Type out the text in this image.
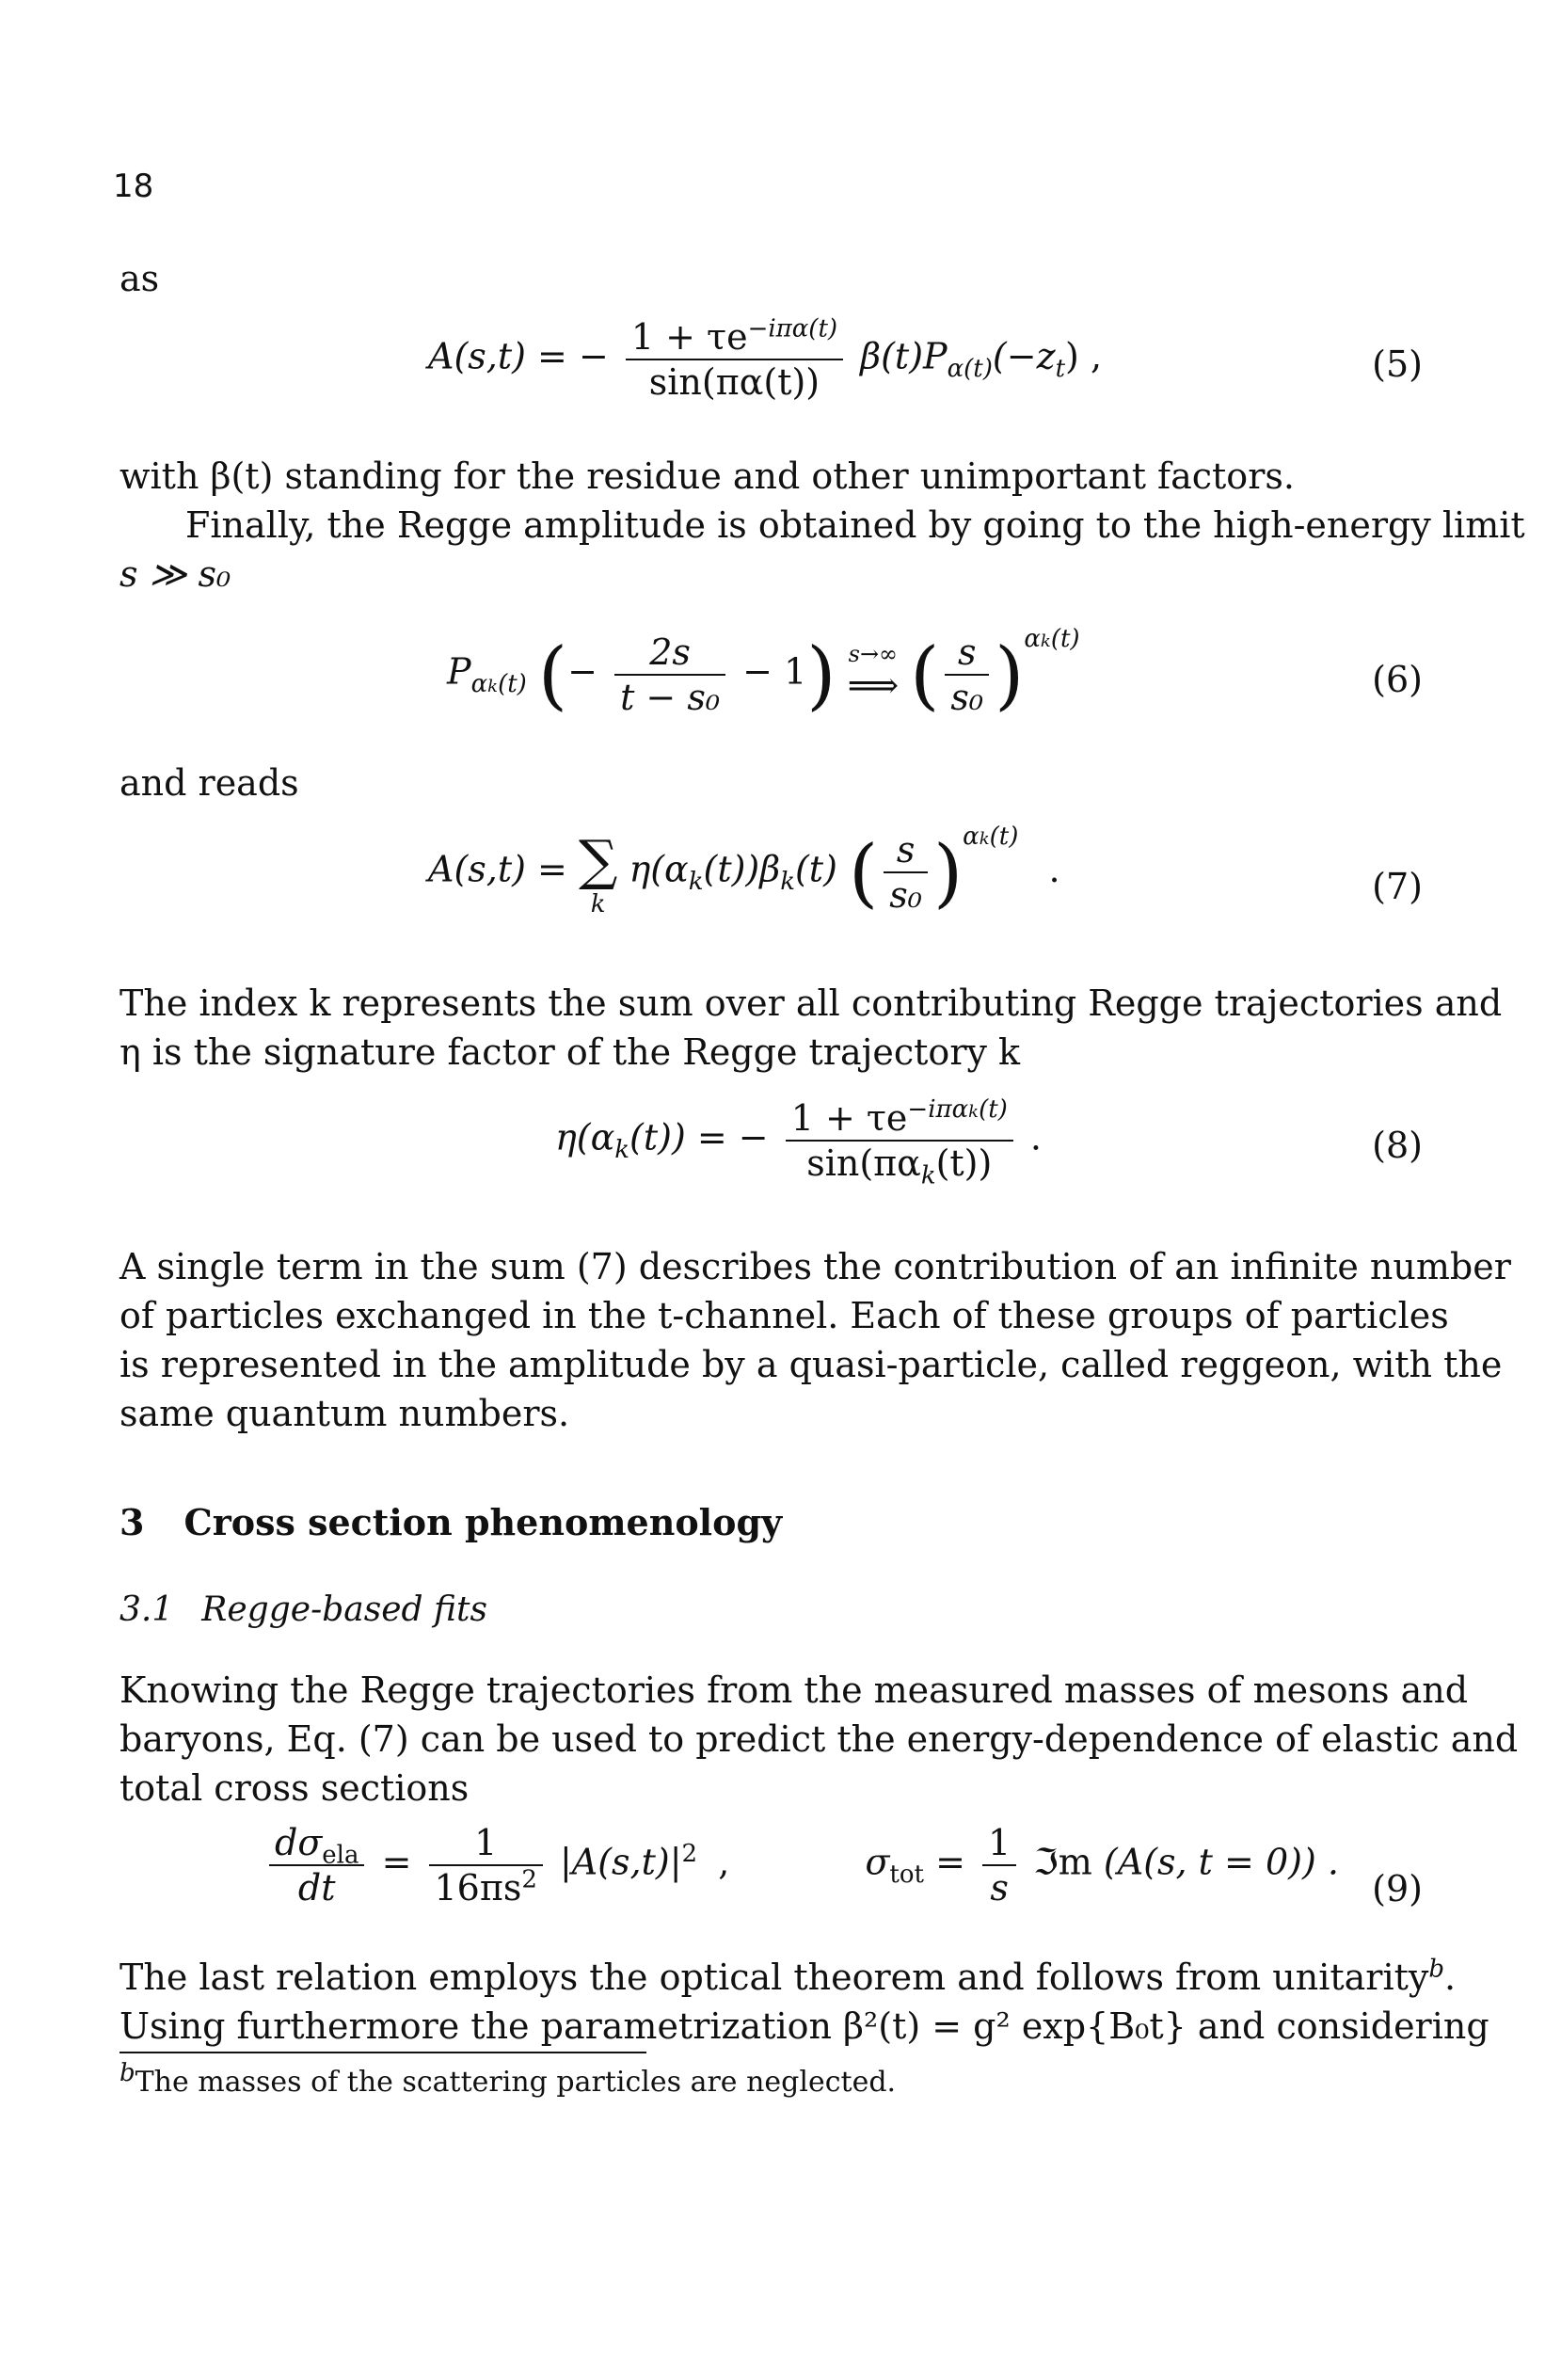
18
as
A(s,t) = − $\frac{1 + \tau e^{-i\pi\alpha(t)}}{\sin(\pi\alpha(t))} \beta(t)P_{\alpha(t)}(-z_t)$ ,	(5)
with β(t) standing for the residue and other unimportant factors.
Finally, the Regge amplitude is obtained by going to the high-energy limit
s ≫ s₀
$P_{\alpha k(t)}$ (− $\frac{2s}{\text{t − s₀}} - 1$) s→∞
⟹ ( $\frac{s}{\text{s₀}} )^{\alpha k(t)}$
(6)
and reads
A(s,t) = ∑
k
$\eta(\alpha_k(t))\beta_k(t)$ ( $\frac{s}{\text{s₀}} )^{\alpha k(t)}$ .	(7)
The index k represents the sum over all contributing Regge trajectories and
η is the signature factor of the Regge trajectory k
$\eta(\alpha_k(t))$ = − $\frac{1 + \tau e^{-i\pi\alpha k(t)}}{\sin(\pi\alpha_k(t))}$ .	(8)
A single term in the sum (7) describes the contribution of an infinite number
of particles exchanged in the t-channel. Each of these groups of particles
is represented in the amplitude by a quasi-particle, called reggeon, with the
same quantum numbers.
3 Cross section phenomenology
3.1 Regge-based fits
Knowing the Regge trajectories from the measured masses of mesons and
baryons, Eq. (7) can be used to predict the energy-dependence of elastic and
total cross sections
$\frac{d\sigma_{ela}}{dt} = \frac{1}{16\pi s^2} |A(s,t)|^2$ ,	$\sigma_{tot} = \frac{1}{s}$ ℑm (A(s, t = 0)) .
(9)
The last relation employs the optical theorem and follows from unitarity$^b$.
Using furthermore the parametrization β²(t) = g² exp{B₀t} and considering
bThe masses of the scattering particles are neglected.
